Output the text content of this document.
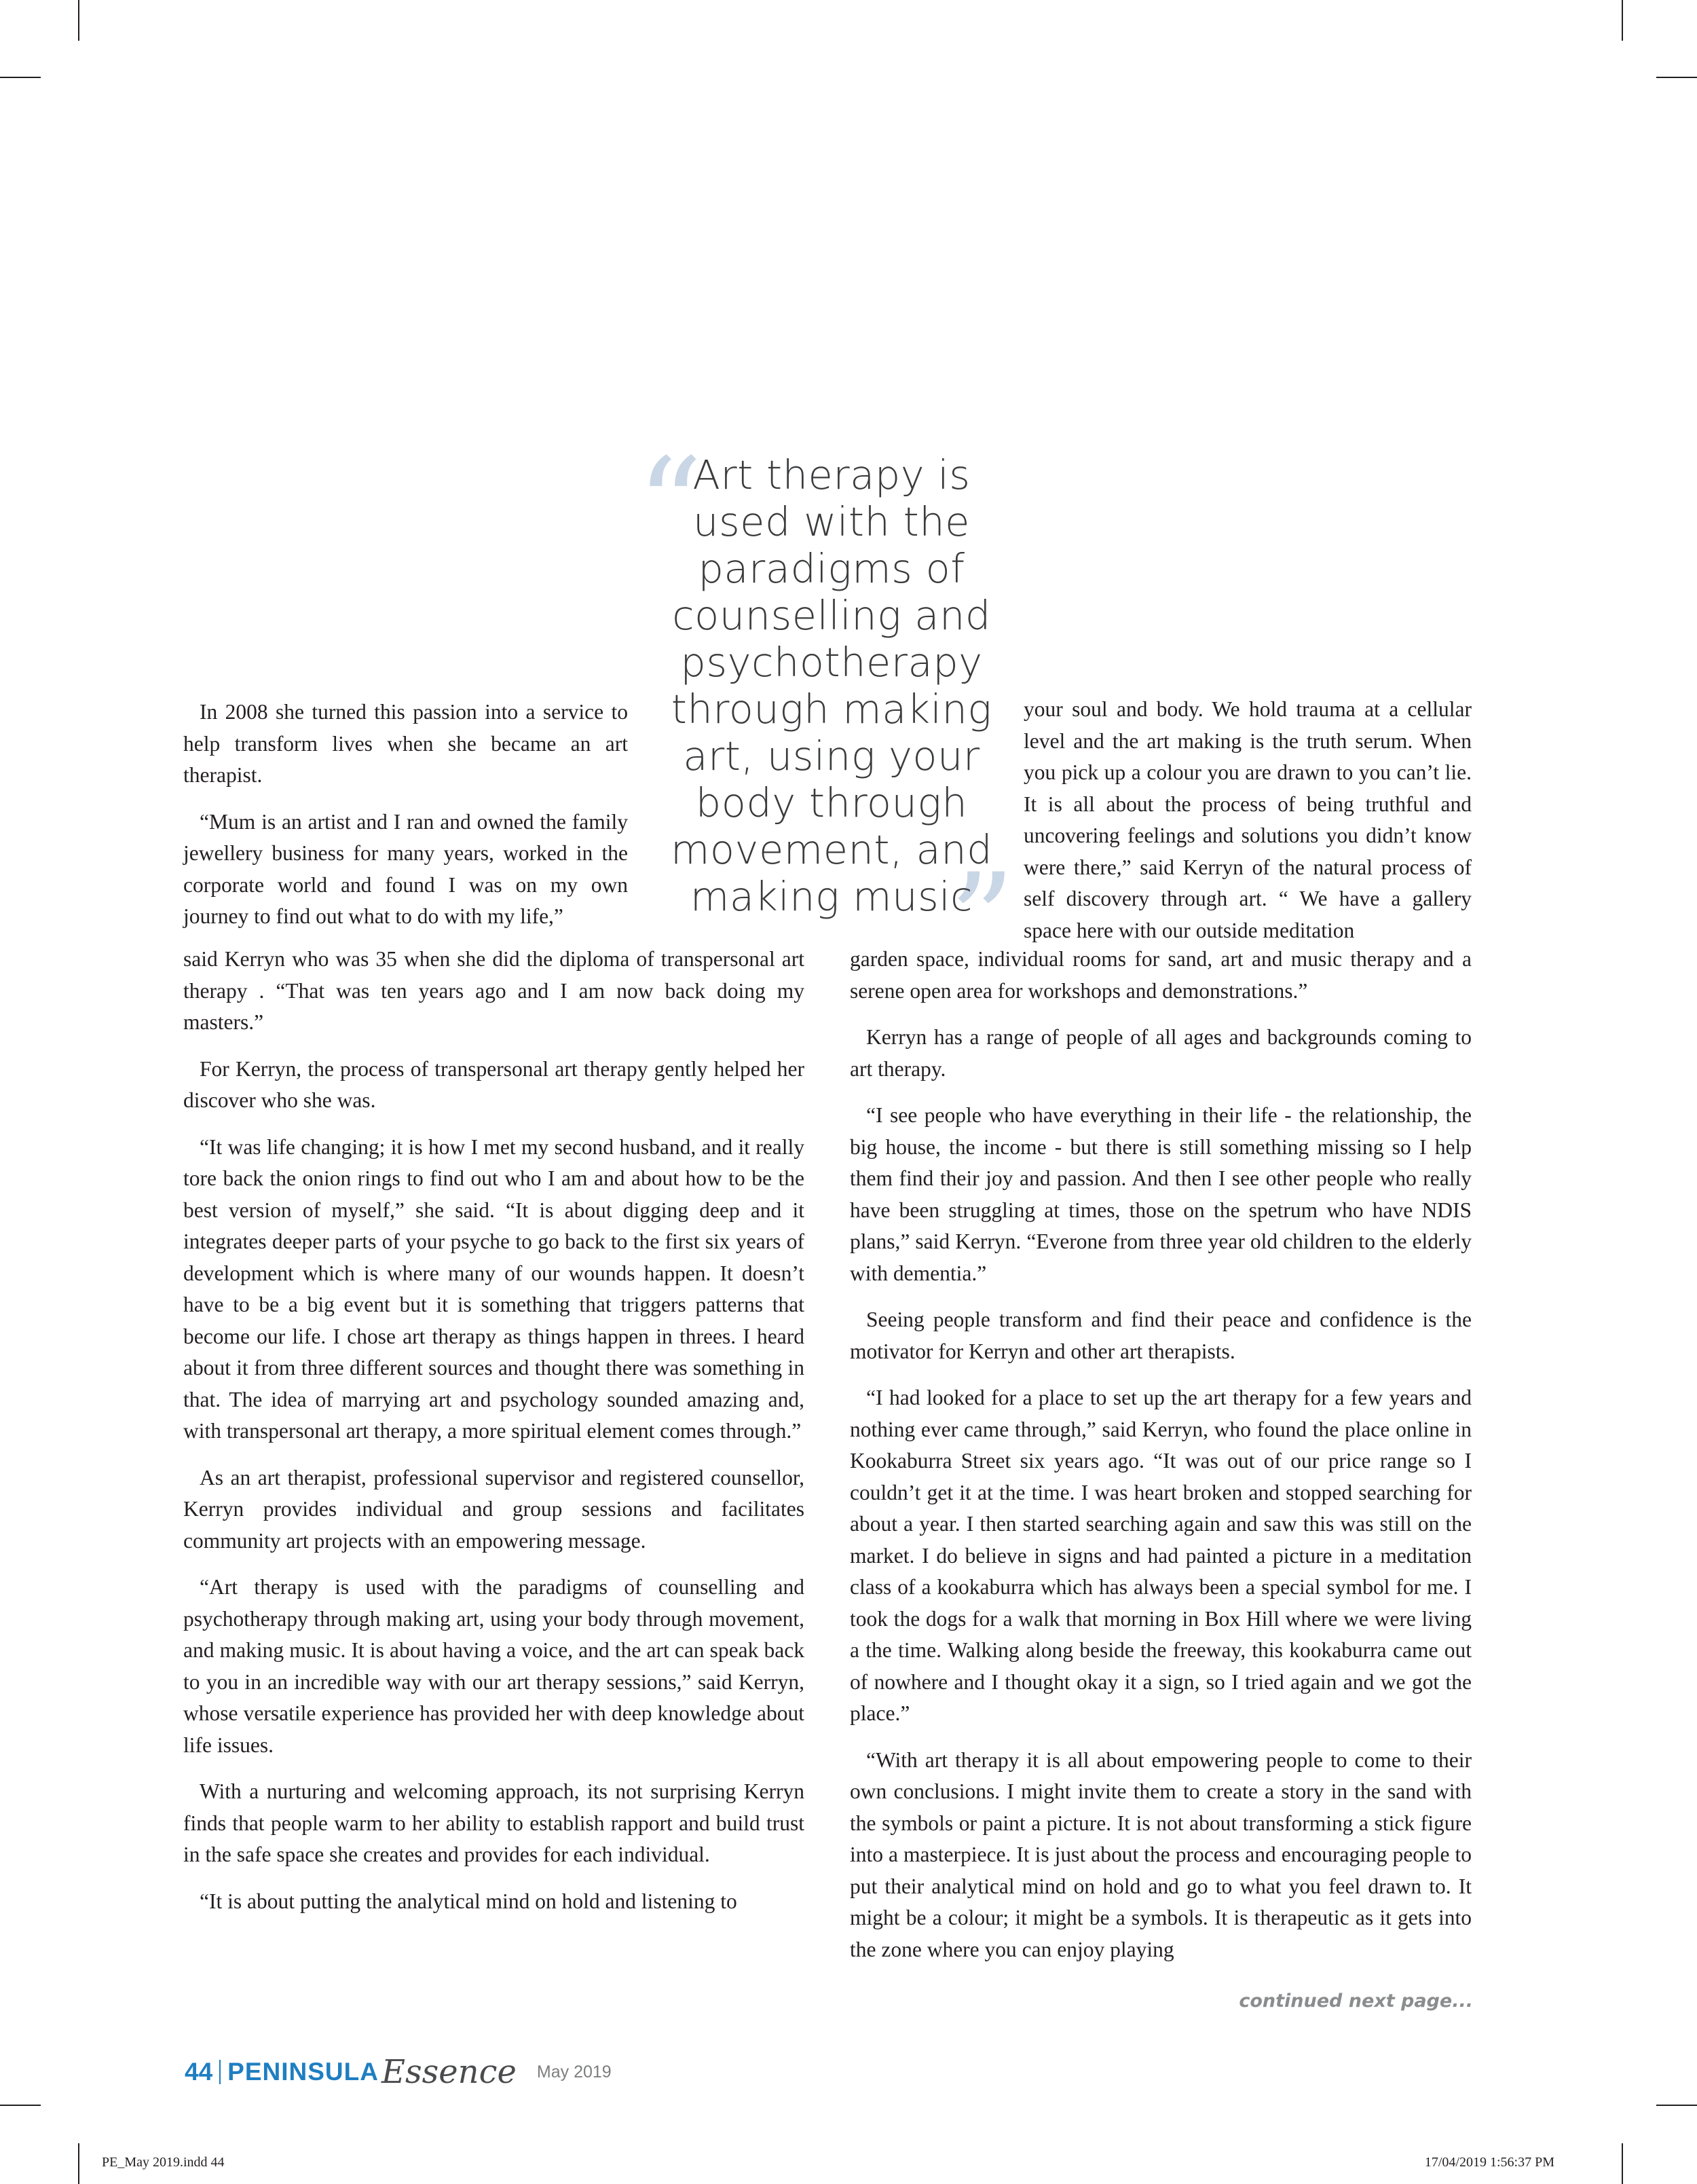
“
”
Art therapy is
used with the
paradigms of
counselling and
psychotherapy
through making
art, using your
body through
movement, and
making music

In 2008 she turned this passion into a service to help transform lives when she became an art therapist.

“Mum is an artist and I ran and owned the family jewellery business for many years, worked in the corporate world and found I was on my own journey to find out what to do with my life,”

said Kerryn who was 35 when she did the diploma of transpersonal art therapy . “That was ten years ago and I am now back doing my masters.”

For Kerryn, the process of transpersonal art therapy gently helped her discover who she was.

“It was life changing; it is how I met my second husband, and it really tore back the onion rings to find out who I am and about how to be the best version of myself,” she said. “It is about digging deep and it integrates deeper parts of your psyche to go back to the first six years of development which is where many of our wounds happen. It doesn’t have to be a big event but it is something that triggers patterns that become our life. I chose art therapy as things happen in threes. I heard about it from three different sources and thought there was something in that. The idea of marrying art and psychology sounded amazing and, with transpersonal art therapy, a more spiritual element comes through.”

As an art therapist, professional supervisor and registered counsellor, Kerryn provides individual and group sessions and facilitates community art projects with an empowering message.

“Art therapy is used with the paradigms of counselling and psychotherapy through making art, using your body through movement, and making music. It is about having a voice, and the art can speak back to you in an incredible way with our art therapy sessions,” said Kerryn, whose versatile experience has provided her with deep knowledge about life issues.

With a nurturing and welcoming approach, its not surprising Kerryn finds that people warm to her ability to establish rapport and build trust in the safe space she creates and provides for each individual.

“It is about putting the analytical mind on hold and listening to

your soul and body. We hold trauma at a cellular level and the art making is the truth serum. When you pick up a colour you are drawn to you can’t lie. It is all about the process of being truthful and uncovering feelings and solutions you didn’t know were there,” said Kerryn of the natural process of self discovery through art. “ We have a gallery space here with our outside meditation

garden space, individual rooms for sand, art and music therapy and a serene open area for workshops and demonstrations.”

Kerryn has a range of people of all ages and backgrounds coming to art therapy.

“I see people who have everything in their life - the relationship, the big house, the income - but there is still something missing so I help them find their joy and passion. And then I see other people who really have been struggling at times, those on the spetrum who have NDIS plans,” said Kerryn. “Everone from three year old children to the elderly with dementia.”

Seeing people transform and find their peace and confidence is the motivator for Kerryn and other art therapists.

“I had looked for a place to set up the art therapy for a few years and nothing ever came through,” said Kerryn, who found the place online in Kookaburra Street six years ago. “It was out of our price range so I couldn’t get it at the time. I was heart broken and stopped searching for about a year. I then started searching again and saw this was still on the market. I do believe in signs and had painted a picture in a meditation class of a kookaburra which has always been a special symbol for me. I took the dogs for a walk that morning in Box Hill where we were living a the time. Walking along beside the freeway, this kookaburra came out of nowhere and I thought okay it a sign, so I tried again and we got the place.”

“With art therapy it is all about empowering people to come to their own conclusions. I might invite them to create a story in the sand with the symbols or paint a picture. It is not about transforming a stick figure into a masterpiece. It is just about the process and encouraging people to put their analytical mind on hold and go to what you feel drawn to. It might be a colour; it might be a symbols. It is therapeutic as it gets into the zone where you can enjoy playing

continued next page...
44 PENINSULA Essence May 2019
PE_May 2019.indd 44	17/04/2019 1:56:37 PM
